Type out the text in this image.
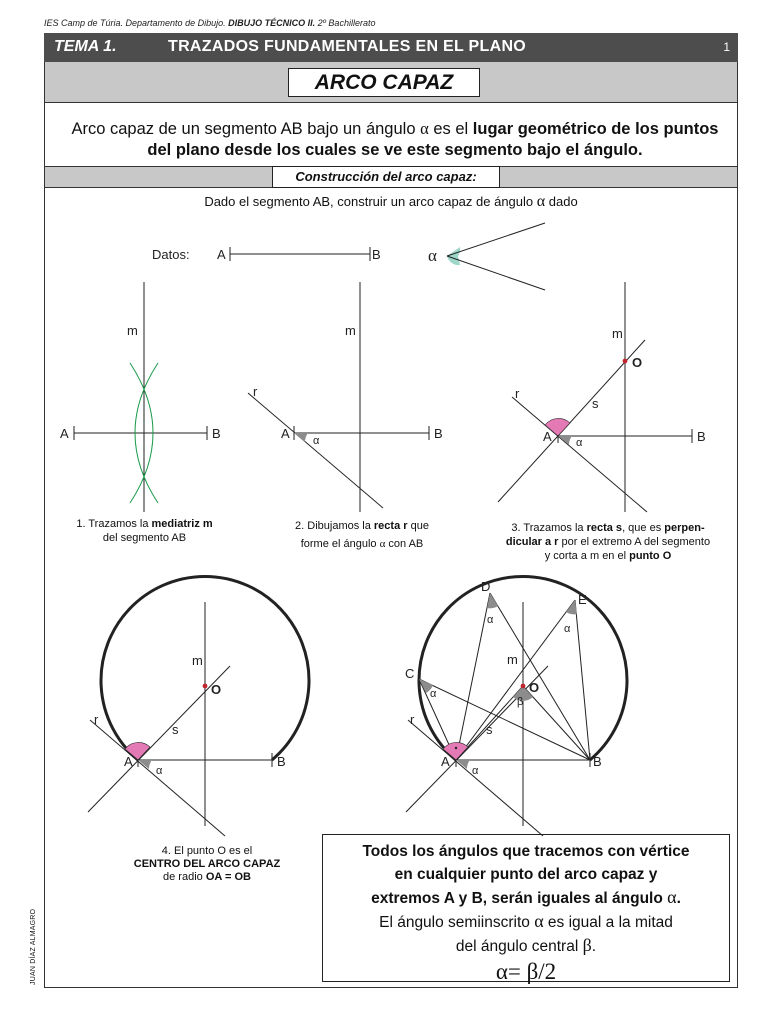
IES Camp de Túria. Departamento de Dibujo. DIBUJO TÉCNICO II. 2º Bachillerato
TEMA 1.	TRAZADOS FUNDAMENTALES EN EL PLANO	1
ARCO CAPAZ
Arco capaz de un segmento AB bajo un ángulo α es el lugar geométrico de los puntos del plano desde los cuales se ve este segmento bajo el ángulo.
Construcción del arco capaz:
Dado el segmento AB, construir un arco capaz de ángulo α dado
Datos: A	B	α
m
A	B
m
r
A	B
α
m
O
r
s
A	B
α
m
O
r
s
A	B
α
D
E
α
α
m
C
O
α
β
r
s
A	B
α
1. Trazamos la mediatriz m
del segmento AB
2. Dibujamos la recta r que
forme el ángulo α con AB
3. Trazamos la recta s, que es perpen-
dicular a r por el extremo A del segmento
y corta a m en el punto O
4. El punto O es el
CENTRO DEL ARCO CAPAZ
de radio OA = OB
Todos los ángulos que tracemos con vértice
en cualquier punto del arco capaz y
extremos A y B, serán iguales al ángulo α.
El ángulo semiinscrito α es igual a la mitad
del ángulo central β.
α= β/2
JUAN DÍAZ ALMAGRO
